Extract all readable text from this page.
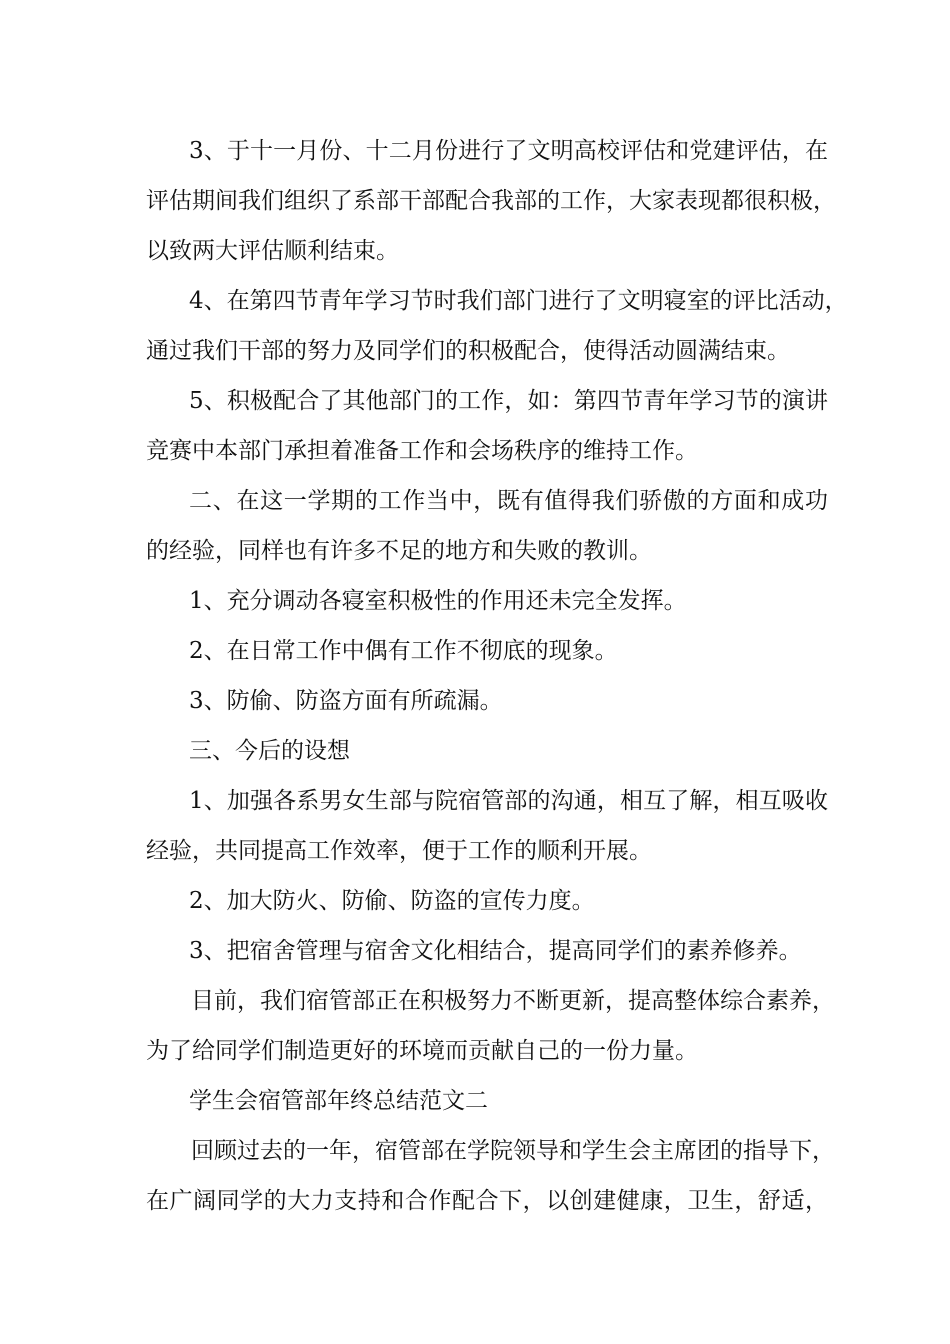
3、于十一月份、十二月份进行了文明高校评估和党建评估，在
评估期间我们组织了系部干部配合我部的工作，大家表现都很积极，
以致两大评估顺利结束。
4、在第四节青年学习节时我们部门进行了文明寝室的评比活动，
通过我们干部的努力及同学们的积极配合，使得活动圆满结束。
5、积极配合了其他部门的工作，如：第四节青年学习节的演讲
竞赛中本部门承担着准备工作和会场秩序的维持工作。
二、在这一学期的工作当中，既有值得我们骄傲的方面和成功
的经验，同样也有许多不足的地方和失败的教训。
1、充分调动各寝室积极性的作用还未完全发挥。
2、在日常工作中偶有工作不彻底的现象。
3、防偷、防盗方面有所疏漏。
三、今后的设想
1、加强各系男女生部与院宿管部的沟通，相互了解，相互吸收
经验，共同提高工作效率，便于工作的顺利开展。
2、加大防火、防偷、防盗的宣传力度。
3、把宿舍管理与宿舍文化相结合，提高同学们的素养修养。
目前，我们宿管部正在积极努力不断更新，提高整体综合素养，
为了给同学们制造更好的环境而贡献自己的一份力量。
学生会宿管部年终总结范文二
回顾过去的一年，宿管部在学院领导和学生会主席团的指导下，
在广阔同学的大力支持和合作配合下，以创建健康，卫生，舒适，
